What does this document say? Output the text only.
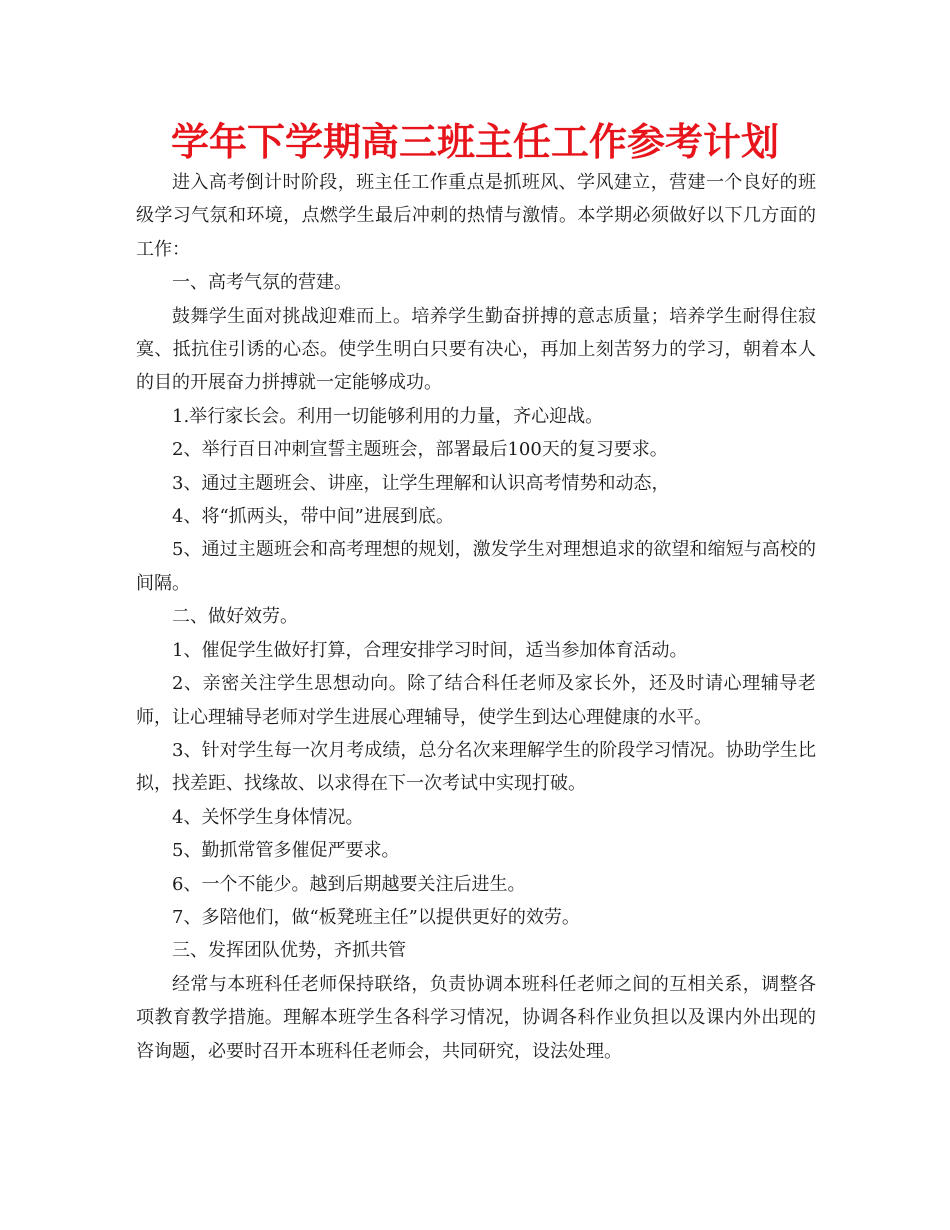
学年下学期高三班主任工作参考计划

进入高考倒计时阶段，班主任工作重点是抓班风、学风建立，营建一个良好的班级学习气氛和环境，点燃学生最后冲刺的热情与激情。本学期必须做好以下几方面的工作：

一、高考气氛的营建。

鼓舞学生面对挑战迎难而上。培养学生勤奋拼搏的意志质量；培养学生耐得住寂寞、抵抗住引诱的心态。使学生明白只要有决心，再加上刻苦努力的学习，朝着本人的目的开展奋力拼搏就一定能够成功。

1.举行家长会。利用一切能够利用的力量，齐心迎战。

2、举行百日冲刺宣誓主题班会，部署最后100天的复习要求。

3、通过主题班会、讲座，让学生理解和认识高考情势和动态，

4、将“抓两头，带中间”进展到底。

5、通过主题班会和高考理想的规划，激发学生对理想追求的欲望和缩短与高校的间隔。

二、做好效劳。

1、催促学生做好打算，合理安排学习时间，适当参加体育活动。

2、亲密关注学生思想动向。除了结合科任老师及家长外，还及时请心理辅导老师，让心理辅导老师对学生进展心理辅导，使学生到达心理健康的水平。

3、针对学生每一次月考成绩，总分名次来理解学生的阶段学习情况。协助学生比拟，找差距、找缘故、以求得在下一次考试中实现打破。

4、关怀学生身体情况。

5、勤抓常管多催促严要求。

6、一个不能少。越到后期越要关注后进生。

7、多陪他们，做“板凳班主任”以提供更好的效劳。

三、发挥团队优势，齐抓共管

经常与本班科任老师保持联络，负责协调本班科任老师之间的互相关系，调整各项教育教学措施。理解本班学生各科学习情况，协调各科作业负担以及课内外出现的咨询题，必要时召开本班科任老师会，共同研究，设法处理。
